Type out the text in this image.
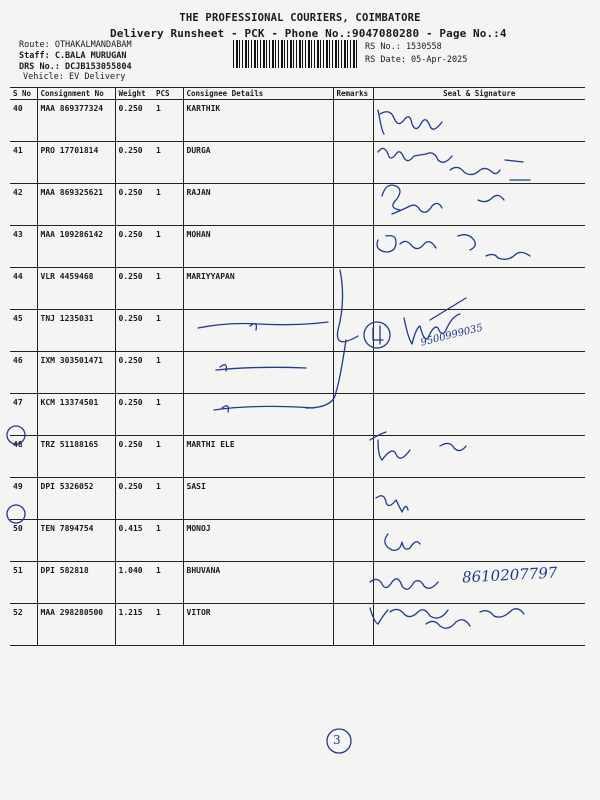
THE PROFESSIONAL COURIERS, COIMBATORE
Delivery Runsheet - PCK - Phone No.:9047080280 - Page No.:4
Route: OTHAKALMANDABAM
Staff: C.BALA MURUGAN
DRS No.: DCJB153055804
Vehicle: EV Delivery
RS No.: 1530558
RS Date: 05-Apr-2025
S No	Consignment No	Weight	PCS	Consignee Details	Remarks	Seal & Signature
40	MAA 869377324	0.250	1	KARTHIK		
41	PRO 17701814	0.250	1	DURGA		
42	MAA 869325621	0.250	1	RAJAN		
43	MAA 109286142	0.250	1	MOHAN		
44	VLR 4459468	0.250	1	MARIYYAPAN		
45	TNJ 1235031	0.250	1			
46	IXM 303501471	0.250	1			
47	KCM 13374501	0.250	1			
48	TRZ 51188165	0.250	1	MARTHI ELE		
49	DPI 5326052	0.250	1	SASI		
50	TEN 7894754	0.415	1	MONOJ		
51	DPI 582818	1.040	1	BHUVANA		
52	MAA 298280500	1.215	1	VITOR		
8610207797
9500999035
3
